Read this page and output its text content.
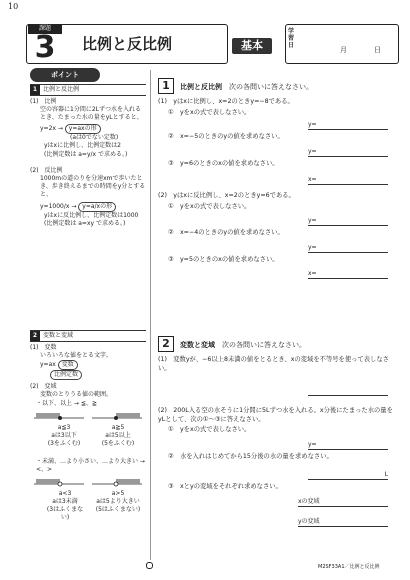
10
課題
3	比例と反比例	基本
学習日
月	日
ポイント
1 比例と反比例
(1)　比例
空の容器に1分間に2Lずつ水を入れるとき、たまった水の量をyLとすると、
y=2x → y=axの形
(aは0でない定数)
yはxに比例し、比例定数は2
(比例定数は a=y/x で求める。)
(2)　反比例
1000mの道のりを分速xmで歩いたとき、歩き終えるまでの時間をy分とすると、
y=1000/x → y=a/xの形
yはxに反比例し、比例定数は1000
(比例定数は a=xy で求める。)
2 変数と変域
(1)　変数
いろいろな値をとる文字。
y=ax 変数
比例定数
(2)　変域
変数のとりうる値の範囲。
・以下、以上 → ≦、≧
a≦3
aは3以下
(3をふくむ)
a≧5
aは5以上
(5をふくむ)
・未満、…より小さい、…より大きい → <、>
a<3
aは3未満
(3はふくまない)
a>5
aは5より大きい
(5はふくまない)
1 比例と反比例　 次の各問いに答えなさい。
(1)　 yはxに比例し、x=2のときy=−8である。
①　 yをxの式で表しなさい。
y=
②　 x=−5のときのyの値を求めなさい。
y=
③　 y=6のときのxの値を求めなさい。
x=
(2)　 yはxに反比例し、x=2のときy=6である。
①　 yをxの式で表しなさい。
y=
②　 x=−4のときのyの値を求めなさい。
y=
③　 y=5のときのxの値を求めなさい。
x=
2 変数と変域　 次の各問いに答えなさい。
(1)　 変数yが、−6以上8未満の値をとるとき、xの変域を不等号を使って表しなさい。
(2)　 200L入る空の水そうに1分間に5Lずつ水を入れる。x分後にたまった水の量をyLとして、次の①〜③に答えなさい。
①　 yをxの式で表しなさい。
y=
②　 水を入れはじめてから15分後の水の量を求めなさい。
L
③　 xとyの変域をそれぞれ求めなさい。
xの変域
yの変域
M2SF33A1／比例と反比例
